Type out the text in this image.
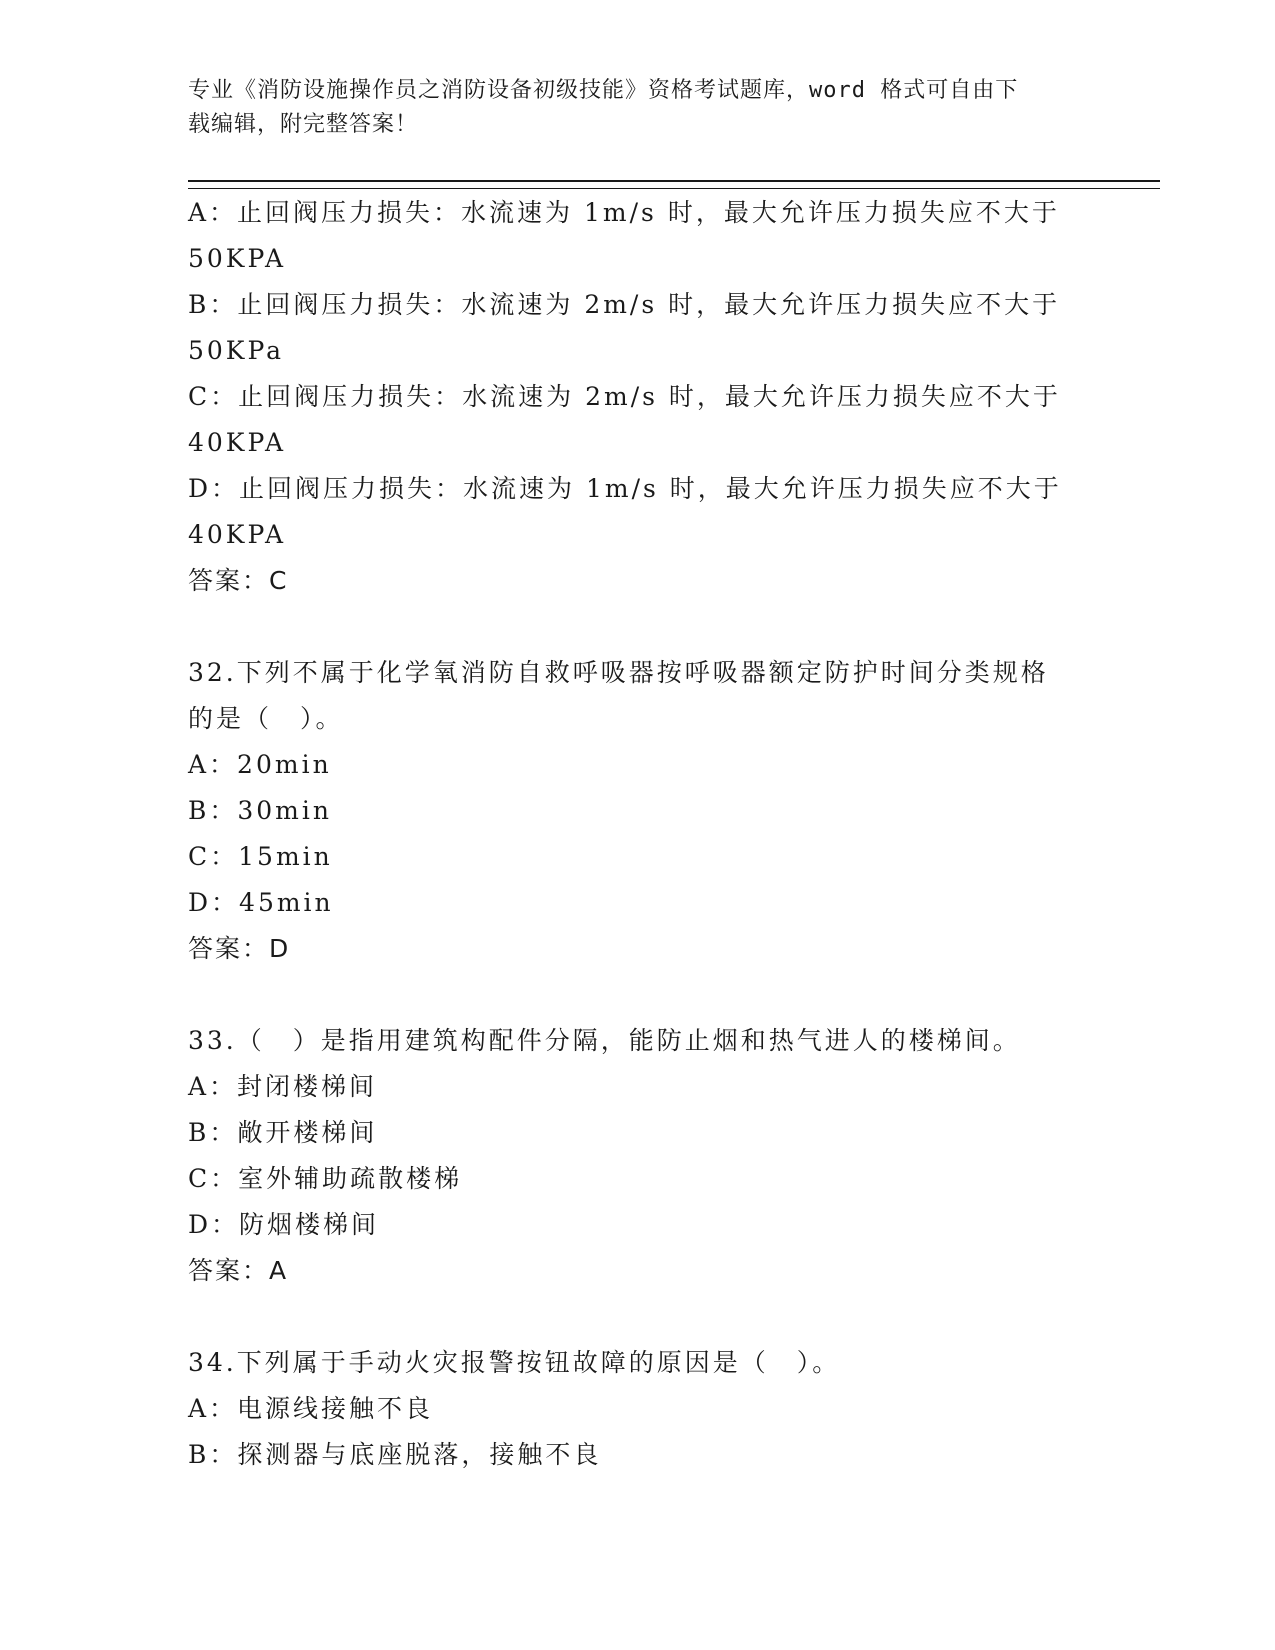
专业《消防设施操作员之消防设备初级技能》资格考试题库，word 格式可自由下
载编辑，附完整答案！
A：止回阀压力损失：水流速为 1m/s 时，最大允许压力损失应不大于
50KPA
B：止回阀压力损失：水流速为 2m/s 时，最大允许压力损失应不大于
50KPa
C：止回阀压力损失：水流速为 2m/s 时，最大允许压力损失应不大于
40KPA
D：止回阀压力损失：水流速为 1m/s 时，最大允许压力损失应不大于
40KPA
答案：C
32.下列不属于化学氧消防自救呼吸器按呼吸器额定防护时间分类规格
的是（　）。
A：20min
B：30min
C：15min
D：45min
答案：D
33.（　）是指用建筑构配件分隔，能防止烟和热气进人的楼梯间。
A：封闭楼梯间
B：敞开楼梯间
C：室外辅助疏散楼梯
D：防烟楼梯间
答案：A
34.下列属于手动火灾报警按钮故障的原因是（　）。
A：电源线接触不良
B：探测器与底座脱落，接触不良
